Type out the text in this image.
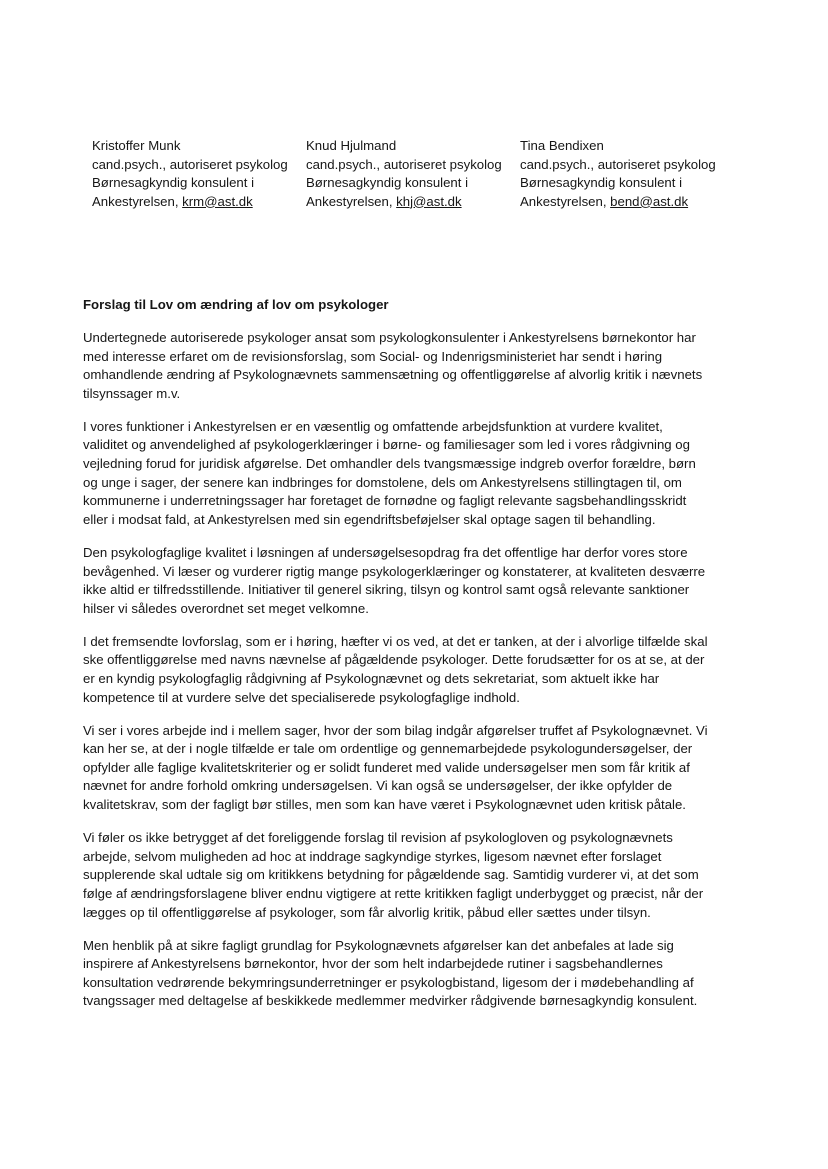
Kristoffer Munk
cand.psych., autoriseret psykolog
Børnesagkyndig konsulent i
Ankestyrelsen, krm@ast.dk
Knud Hjulmand
cand.psych., autoriseret psykolog
Børnesagkyndig konsulent i
Ankestyrelsen, khj@ast.dk
Tina Bendixen
cand.psych., autoriseret psykolog
Børnesagkyndig konsulent i
Ankestyrelsen, bend@ast.dk
Forslag til Lov om ændring af lov om psykologer

Undertegnede autoriserede psykologer ansat som psykologkonsulenter i Ankestyrelsens børnekontor har
med interesse erfaret om de revisionsforslag, som Social- og Indenrigsministeriet har sendt i høring
omhandlende ændring af Psykolognævnets sammensætning og offentliggørelse af alvorlig kritik i nævnets
tilsynssager m.v.

I vores funktioner i Ankestyrelsen er en væsentlig og omfattende arbejdsfunktion at vurdere kvalitet,
validitet og anvendelighed af psykologerklæringer i børne- og familiesager som led i vores rådgivning og
vejledning forud for juridisk afgørelse. Det omhandler dels tvangsmæssige indgreb overfor forældre, børn
og unge i sager, der senere kan indbringes for domstolene, dels om Ankestyrelsens stillingtagen til, om
kommunerne i underretningssager har foretaget de fornødne og fagligt relevante sagsbehandlingsskridt
eller i modsat fald, at Ankestyrelsen med sin egendriftsbeføjelser skal optage sagen til behandling.

Den psykologfaglige kvalitet i løsningen af undersøgelsesopdrag fra det offentlige har derfor vores store
bevågenhed. Vi læser og vurderer rigtig mange psykologerklæringer og konstaterer, at kvaliteten desværre
ikke altid er tilfredsstillende. Initiativer til generel sikring, tilsyn og kontrol samt også relevante sanktioner
hilser vi således overordnet set meget velkomne.

I det fremsendte lovforslag, som er i høring, hæfter vi os ved, at det er tanken, at der i alvorlige tilfælde skal
ske offentliggørelse med navns nævnelse af pågældende psykologer. Dette forudsætter for os at se, at der
er en kyndig psykologfaglig rådgivning af Psykolognævnet og dets sekretariat, som aktuelt ikke har
kompetence til at vurdere selve det specialiserede psykologfaglige indhold.

Vi ser i vores arbejde ind i mellem sager, hvor der som bilag indgår afgørelser truffet af Psykolognævnet. Vi
kan her se, at der i nogle tilfælde er tale om ordentlige og gennemarbejdede psykologundersøgelser, der
opfylder alle faglige kvalitetskriterier og er solidt funderet med valide undersøgelser men som får kritik af
nævnet for andre forhold omkring undersøgelsen. Vi kan også se undersøgelser, der ikke opfylder de
kvalitetskrav, som der fagligt bør stilles, men som kan have været i Psykolognævnet uden kritisk påtale.

Vi føler os ikke betrygget af det foreliggende forslag til revision af psykologloven og psykolognævnets
arbejde, selvom muligheden ad hoc at inddrage sagkyndige styrkes, ligesom nævnet efter forslaget
supplerende skal udtale sig om kritikkens betydning for pågældende sag. Samtidig vurderer vi, at det som
følge af ændringsforslagene bliver endnu vigtigere at rette kritikken fagligt underbygget og præcist, når der
lægges op til offentliggørelse af psykologer, som får alvorlig kritik, påbud eller sættes under tilsyn.

Men henblik på at sikre fagligt grundlag for Psykolognævnets afgørelser kan det anbefales at lade sig
inspirere af Ankestyrelsens børnekontor, hvor der som helt indarbejdede rutiner i sagsbehandlernes
konsultation vedrørende bekymringsunderretninger er psykologbistand, ligesom der i mødebehandling af
tvangssager med deltagelse af beskikkede medlemmer medvirker rådgivende børnesagkyndig konsulent.
